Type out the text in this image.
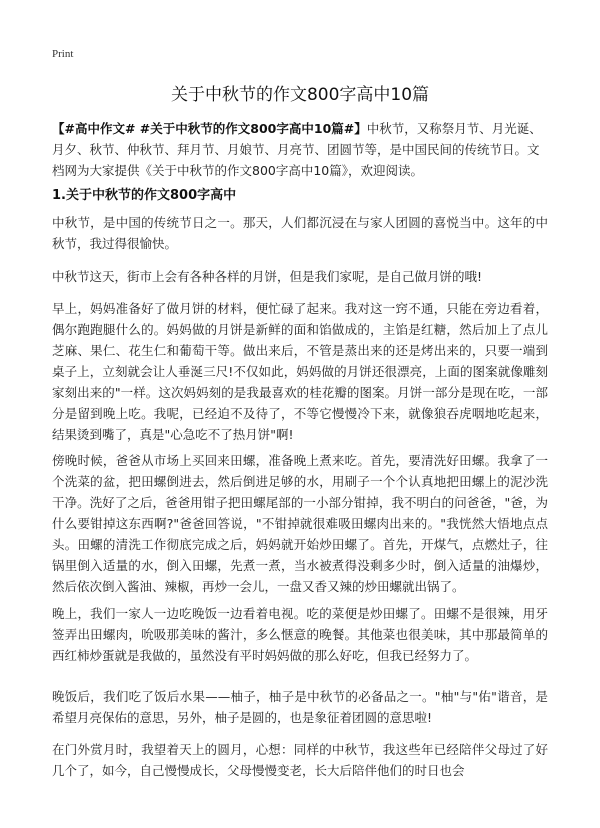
Print
关于中秋节的作文800字高中10篇
【#高中作文# #关于中秋节的作文800字高中10篇#】中秋节，又称祭月节、月光诞、月夕、秋节、仲秋节、拜月节、月娘节、月亮节、团圆节等，是中国民间的传统节日。文档网为大家提供《关于中秋节的作文800字高中10篇》，欢迎阅读。
1.关于中秋节的作文800字高中

中秋节，是中国的传统节日之一。那天，人们都沉浸在与家人团圆的喜悦当中。这年的中秋节，我过得很愉快。

中秋节这天，街市上会有各种各样的月饼，但是我们家呢，是自己做月饼的哦!

早上，妈妈准备好了做月饼的材料，便忙碌了起来。我对这一窍不通，只能在旁边看着，偶尔跑跑腿什么的。妈妈做的月饼是新鲜的面和馅做成的，主馅是红糖，然后加上了点儿芝麻、果仁、花生仁和葡萄干等。做出来后，不管是蒸出来的还是烤出来的，只要一端到桌子上，立刻就会让人垂涎三尺!不仅如此，妈妈做的月饼还很漂亮，上面的图案就像雕刻家刻出来的"一样。这次妈妈刻的是我最喜欢的桂花瓣的图案。月饼一部分是现在吃，一部分是留到晚上吃。我呢，已经迫不及待了，不等它慢慢冷下来，就像狼吞虎咽地吃起来，结果烫到嘴了，真是"心急吃不了热月饼"啊!

傍晚时候，爸爸从市场上买回来田螺，准备晚上煮来吃。首先，要清洗好田螺。我拿了一个洗菜的盆，把田螺倒进去，然后倒进足够的水，用刷子一个个认真地把田螺上的泥沙洗干净。洗好了之后，爸爸用钳子把田螺尾部的一小部分钳掉，我不明白的问爸爸，"爸，为什么要钳掉这东西啊?"爸爸回答说，"不钳掉就很难吸田螺肉出来的。"我恍然大悟地点点头。田螺的清洗工作彻底完成之后，妈妈就开始炒田螺了。首先，开煤气，点燃灶子，往锅里倒入适量的水，倒入田螺，先煮一煮，当水被煮得没剩多少时，倒入适量的油爆炒，然后依次倒入酱油、辣椒，再炒一会儿，一盘又香又辣的炒田螺就出锅了。

晚上，我们一家人一边吃晚饭一边看着电视。吃的菜便是炒田螺了。田螺不是很辣，用牙签弄出田螺肉，吮吸那美味的酱汁，多么惬意的晚餐。其他菜也很美味，其中那最简单的西红柿炒蛋就是我做的，虽然没有平时妈妈做的那么好吃，但我已经努力了。

晚饭后，我们吃了饭后水果——柚子，柚子是中秋节的必备品之一。"柚"与"佑"谐音，是希望月亮保佑的意思，另外，柚子是圆的，也是象征着团圆的意思啦!

在门外赏月时，我望着天上的圆月，心想：同样的中秋节，我这些年已经陪伴父母过了好几个了，如今，自己慢慢成长，父母慢慢变老，长大后陪伴他们的时日也会
